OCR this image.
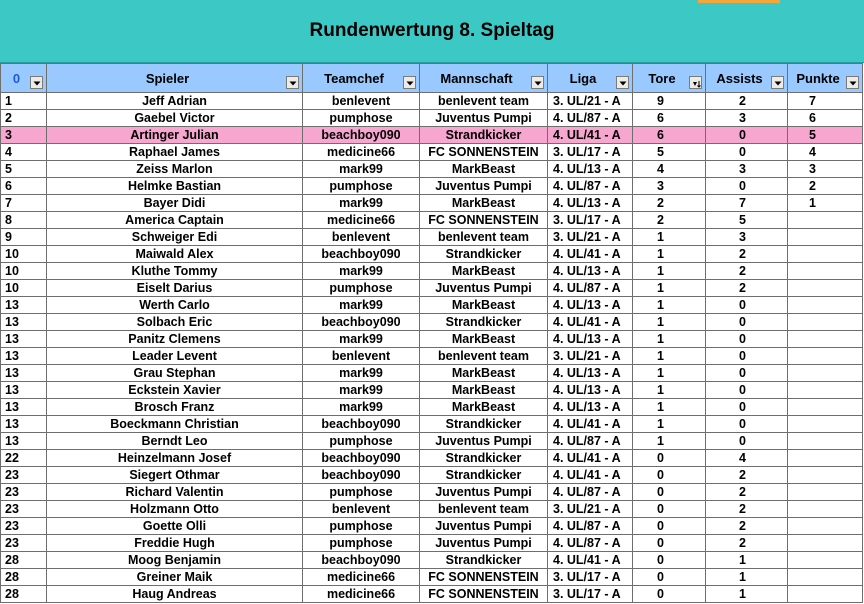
Rundenwertung 8. Spieltag
0	Spieler	Teamchef	Mannschaft	Liga	Tore	Assists	Punkte

1	Jeff Adrian	benlevent	benlevent team	3. UL/21 - A	9	2	7
2	Gaebel Victor	pumphose	Juventus Pumpi	4. UL/87 - A	6	3	6
3	Artinger Julian	beachboy090	Strandkicker	4. UL/41 - A	6	0	5
4	Raphael James	medicine66	FC SONNENSTEIN	3. UL/17 - A	5	0	4
5	Zeiss Marlon	mark99	MarkBeast	4. UL/13 - A	4	3	3
6	Helmke Bastian	pumphose	Juventus Pumpi	4. UL/87 - A	3	0	2
7	Bayer Didi	mark99	MarkBeast	4. UL/13 - A	2	7	1
8	America Captain	medicine66	FC SONNENSTEIN	3. UL/17 - A	2	5	
9	Schweiger Edi	benlevent	benlevent team	3. UL/21 - A	1	3	
10	Maiwald Alex	beachboy090	Strandkicker	4. UL/41 - A	1	2	
10	Kluthe Tommy	mark99	MarkBeast	4. UL/13 - A	1	2	
10	Eiselt Darius	pumphose	Juventus Pumpi	4. UL/87 - A	1	2	
13	Werth Carlo	mark99	MarkBeast	4. UL/13 - A	1	0	
13	Solbach Eric	beachboy090	Strandkicker	4. UL/41 - A	1	0	
13	Panitz Clemens	mark99	MarkBeast	4. UL/13 - A	1	0	
13	Leader Levent	benlevent	benlevent team	3. UL/21 - A	1	0	
13	Grau Stephan	mark99	MarkBeast	4. UL/13 - A	1	0	
13	Eckstein Xavier	mark99	MarkBeast	4. UL/13 - A	1	0	
13	Brosch Franz	mark99	MarkBeast	4. UL/13 - A	1	0	
13	Boeckmann Christian	beachboy090	Strandkicker	4. UL/41 - A	1	0	
13	Berndt Leo	pumphose	Juventus Pumpi	4. UL/87 - A	1	0	
22	Heinzelmann Josef	beachboy090	Strandkicker	4. UL/41 - A	0	4	
23	Siegert Othmar	beachboy090	Strandkicker	4. UL/41 - A	0	2	
23	Richard Valentin	pumphose	Juventus Pumpi	4. UL/87 - A	0	2	
23	Holzmann Otto	benlevent	benlevent team	3. UL/21 - A	0	2	
23	Goette Olli	pumphose	Juventus Pumpi	4. UL/87 - A	0	2	
23	Freddie Hugh	pumphose	Juventus Pumpi	4. UL/87 - A	0	2	
28	Moog Benjamin	beachboy090	Strandkicker	4. UL/41 - A	0	1	
28	Greiner Maik	medicine66	FC SONNENSTEIN	3. UL/17 - A	0	1	
28	Haug Andreas	medicine66	FC SONNENSTEIN	3. UL/17 - A	0	1	
